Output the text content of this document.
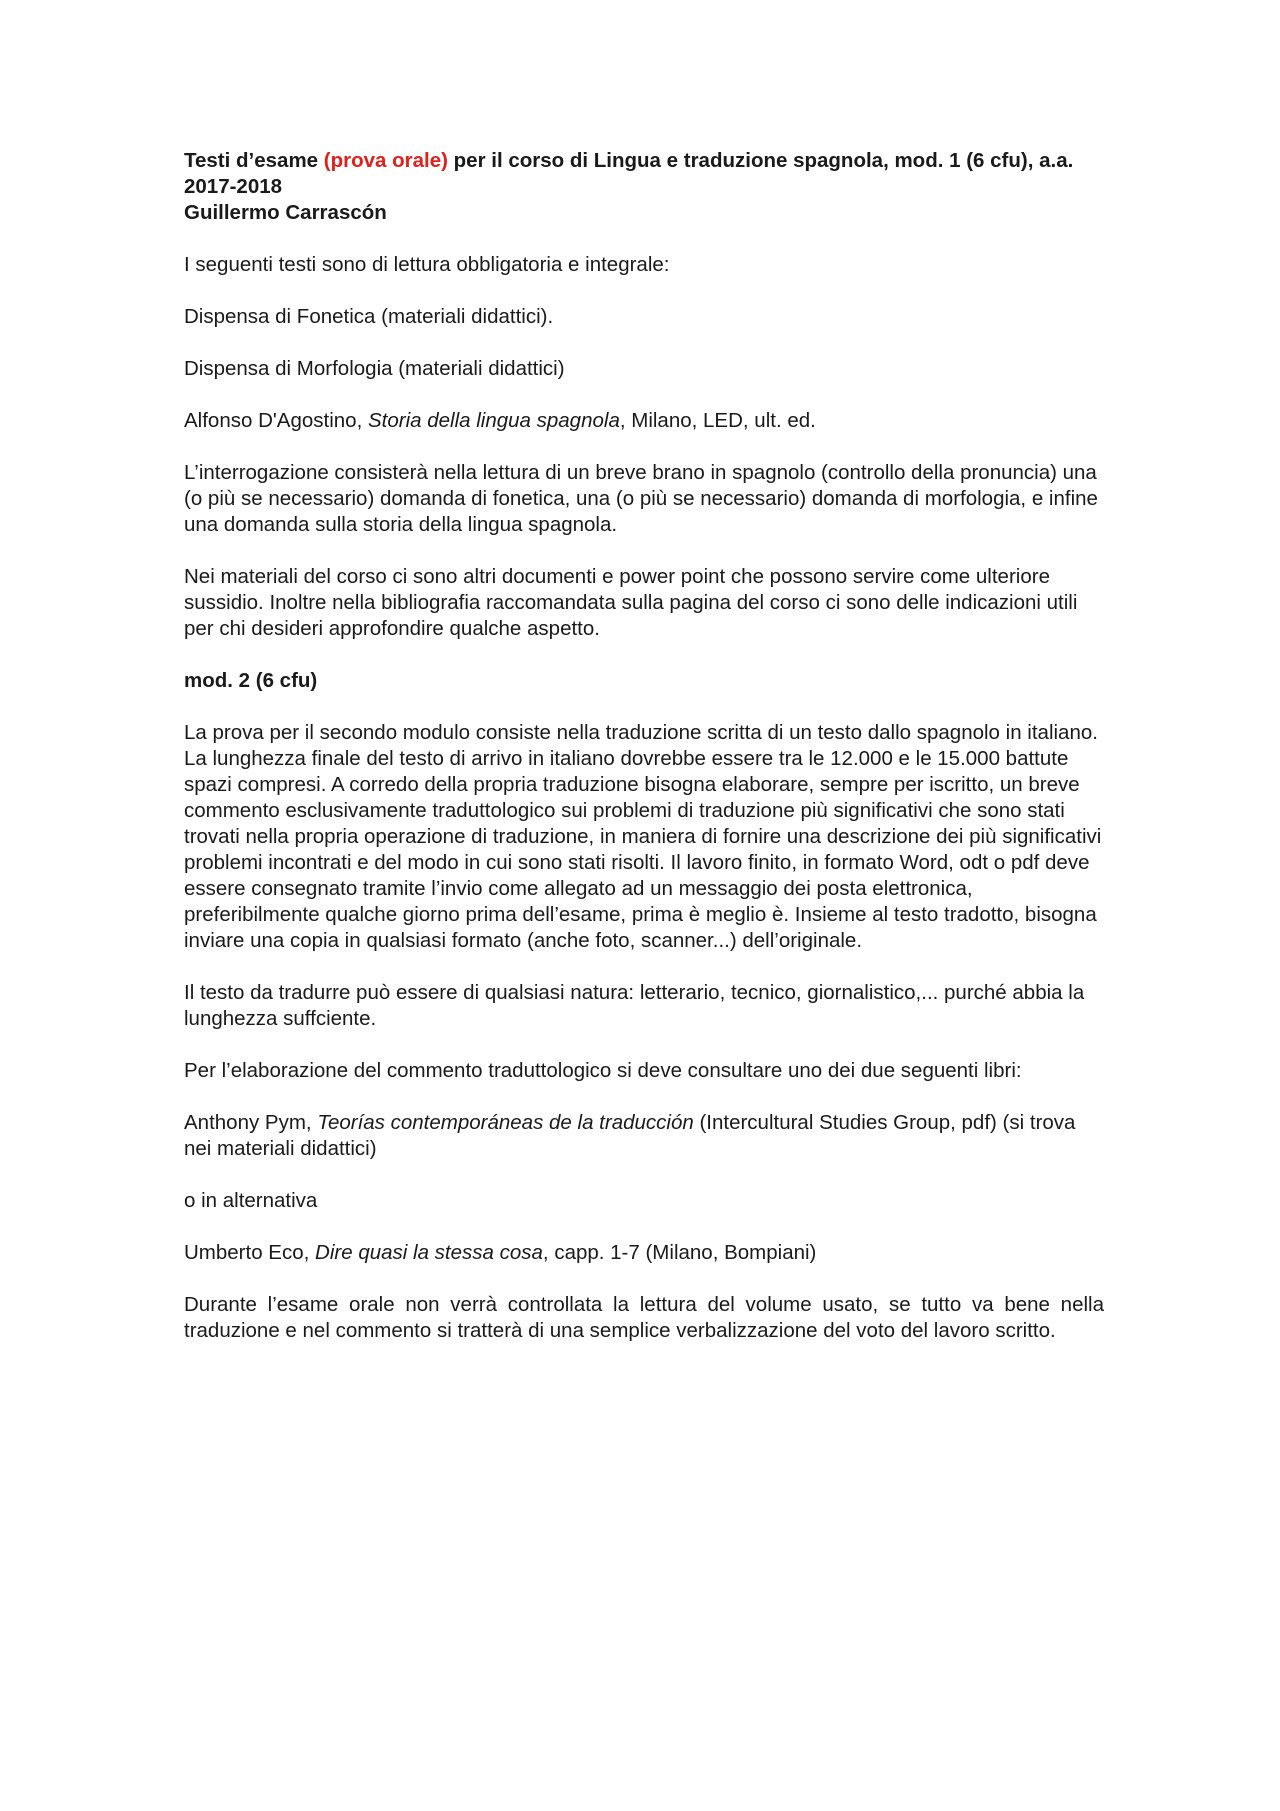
Testi d’esame (prova orale) per il corso di Lingua e traduzione spagnola, mod. 1 (6 cfu), a.a. 2017-2018

Guillermo Carrascón

I seguenti testi sono di lettura obbligatoria e integrale:

Dispensa di Fonetica (materiali didattici).

Dispensa di Morfologia (materiali didattici)

Alfonso D'Agostino, Storia della lingua spagnola, Milano, LED, ult. ed.

L’interrogazione consisterà nella lettura di un breve brano in spagnolo (controllo della pronuncia) una (o più se necessario) domanda di fonetica, una (o più se necessario) domanda di morfologia, e infine una domanda sulla storia della lingua spagnola.

Nei materiali del corso ci sono altri documenti e power point che possono servire come ulteriore sussidio. Inoltre nella bibliografia raccomandata sulla pagina del corso ci sono delle indicazioni utili per chi desideri approfondire qualche aspetto.

mod. 2 (6 cfu)

La prova per il secondo modulo consiste nella traduzione scritta di un testo dallo spagnolo in italiano. La lunghezza finale del testo di arrivo in italiano dovrebbe essere tra le 12.000 e le 15.000 battute spazi compresi. A corredo della propria traduzione bisogna elaborare, sempre per iscritto, un breve commento esclusivamente traduttologico sui problemi di traduzione più significativi che sono stati trovati nella propria operazione di traduzione, in maniera di fornire una descrizione dei più significativi problemi incontrati e del modo in cui sono stati risolti. Il lavoro finito, in formato Word, odt o pdf deve essere consegnato tramite l’invio come allegato ad un messaggio dei posta elettronica, preferibilmente qualche giorno prima dell’esame, prima è meglio è. Insieme al testo tradotto, bisogna inviare una copia in qualsiasi formato (anche foto, scanner...) dell’originale.

Il testo da tradurre può essere di qualsiasi natura: letterario, tecnico, giornalistico,... purché abbia la lunghezza suffciente.

Per l’elaborazione del commento traduttologico si deve consultare uno dei due seguenti libri:

Anthony Pym, Teorías contemporáneas de la traducción (Intercultural Studies Group, pdf) (si trova nei materiali didattici)

o in alternativa

Umberto Eco, Dire quasi la stessa cosa, capp. 1-7 (Milano, Bompiani)

Durante l’esame orale non verrà controllata la lettura del volume usato, se tutto va bene nella traduzione e nel commento si tratterà di una semplice verbalizzazione del voto del lavoro scritto.
